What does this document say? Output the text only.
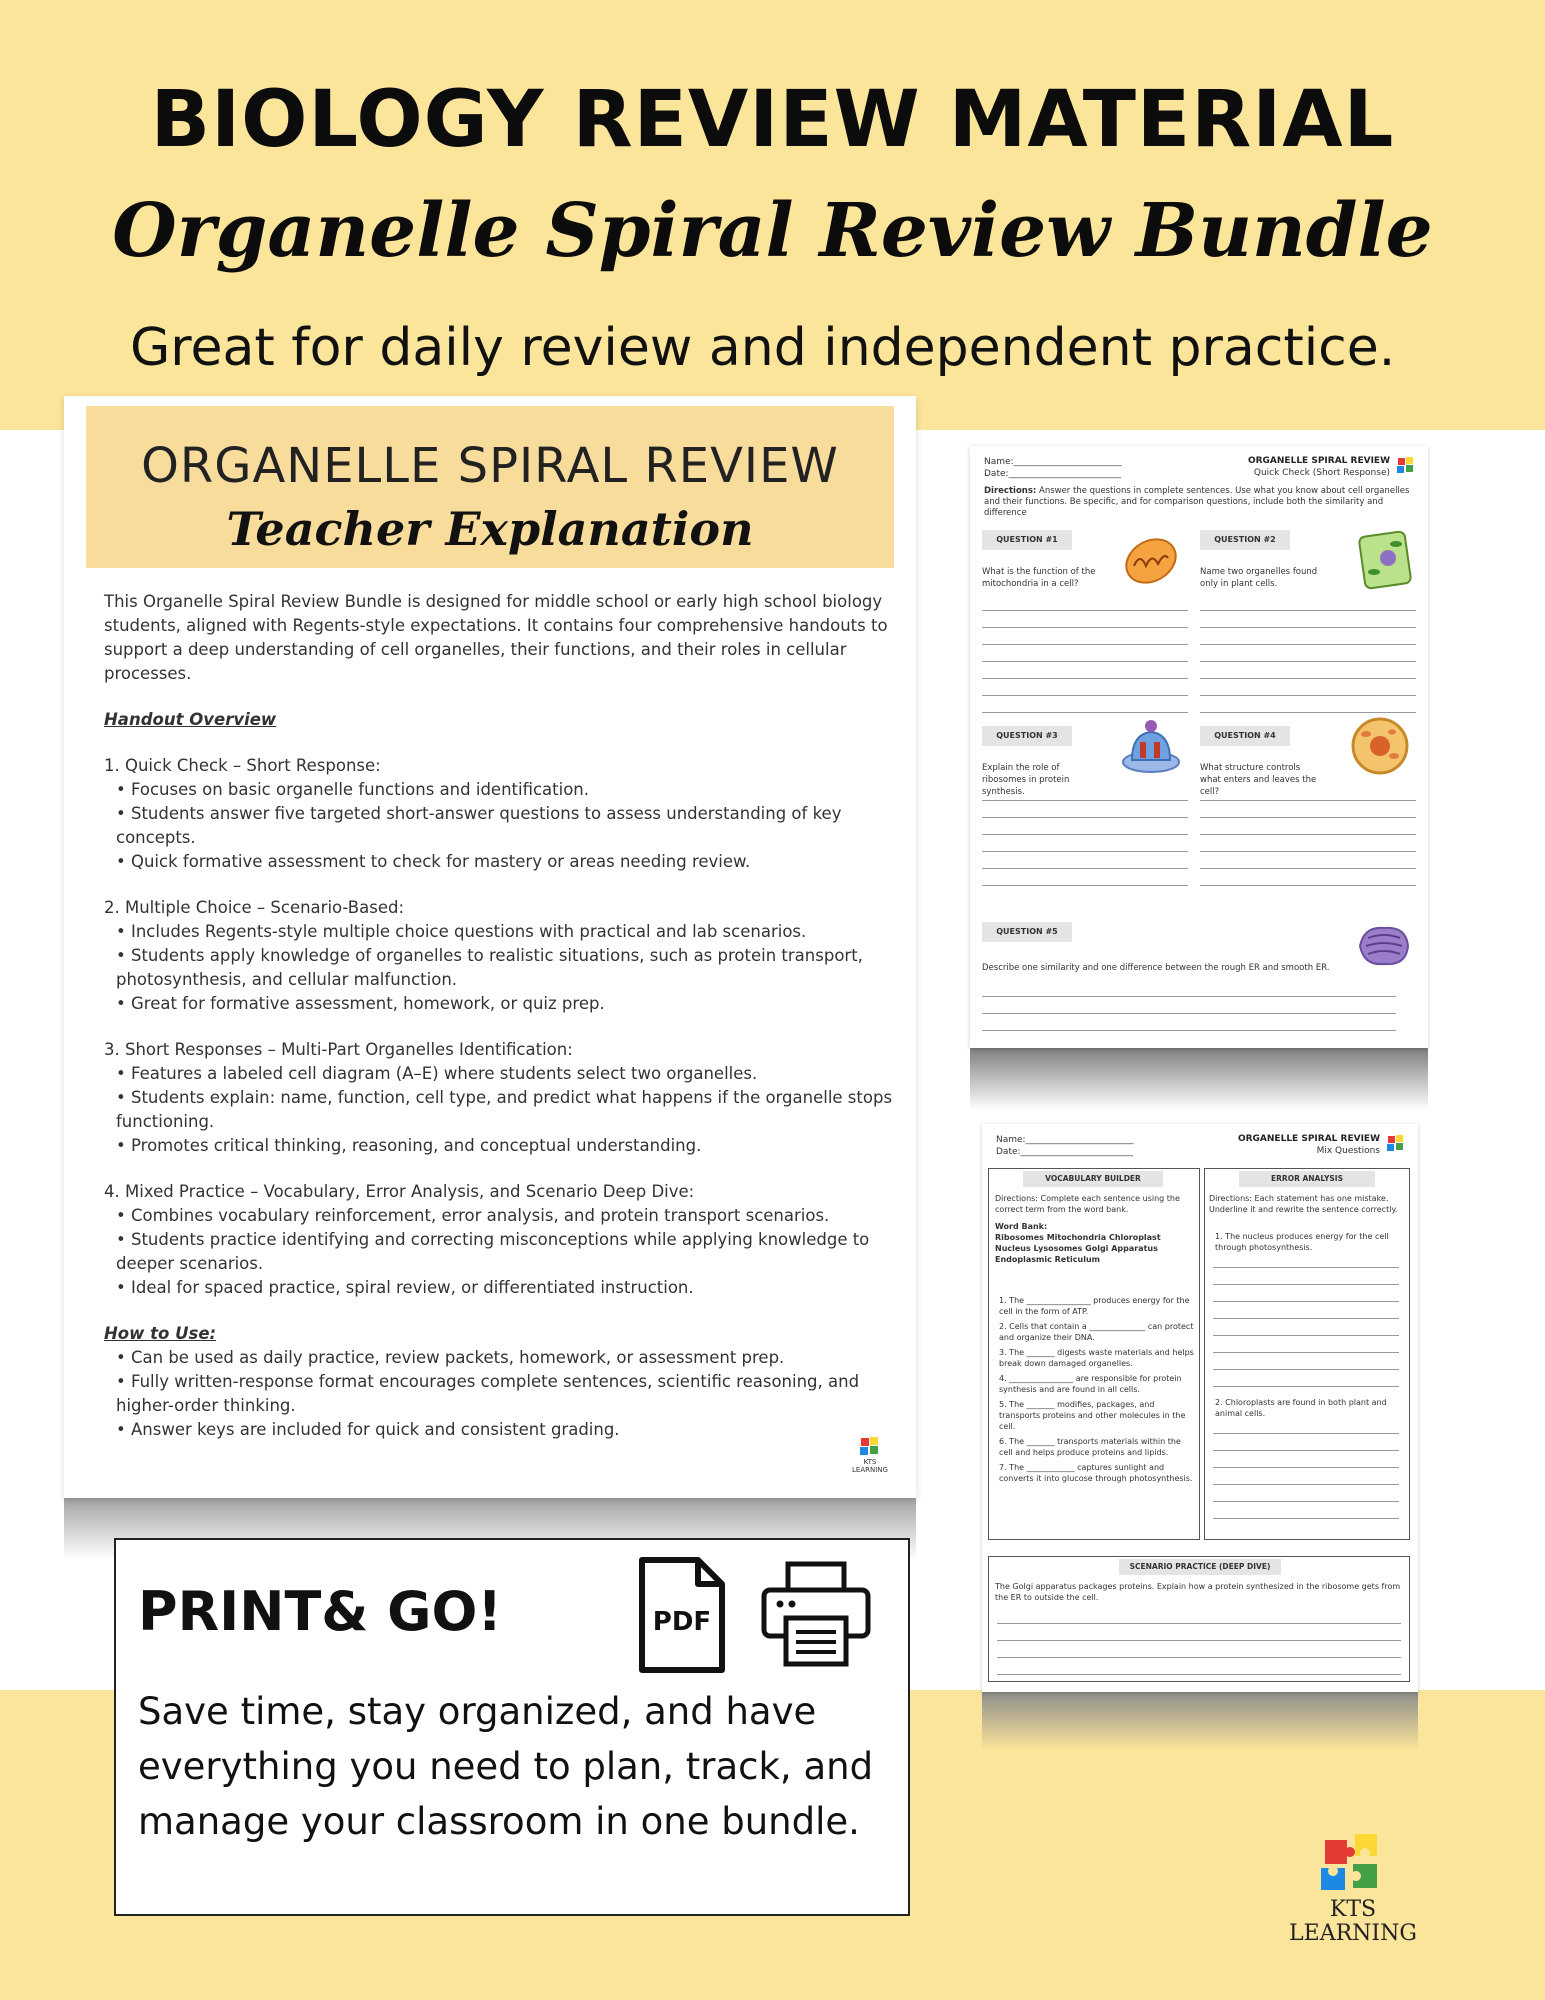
BIOLOGY REVIEW MATERIAL
Organelle Spiral Review Bundle
Great for daily review and independent practice.
ORGANELLE SPIRAL REVIEW
Teacher Explanation

This Organelle Spiral Review Bundle is designed for middle school or early high school biology students, aligned with Regents-style expectations. It contains four comprehensive handouts to support a deep understanding of cell organelles, their functions, and their roles in cellular processes.

Handout Overview

1. Quick Check – Short Response:

• Focuses on basic organelle functions and identification.

• Students answer five targeted short-answer questions to assess understanding of key concepts.

• Quick formative assessment to check for mastery or areas needing review.

2. Multiple Choice – Scenario-Based:

• Includes Regents-style multiple choice questions with practical and lab scenarios.

• Students apply knowledge of organelles to realistic situations, such as protein transport, photosynthesis, and cellular malfunction.

• Great for formative assessment, homework, or quiz prep.

3. Short Responses – Multi-Part Organelles Identification:

• Features a labeled cell diagram (A–E) where students select two organelles.

• Students explain: name, function, cell type, and predict what happens if the organelle stops functioning.

• Promotes critical thinking, reasoning, and conceptual understanding.

4. Mixed Practice – Vocabulary, Error Analysis, and Scenario Deep Dive:

• Combines vocabulary reinforcement, error analysis, and protein transport scenarios.

• Students practice identifying and correcting misconceptions while applying knowledge to deeper scenarios.

• Ideal for spaced practice, spiral review, or differentiated instruction.

How to Use:

• Can be used as daily practice, review packets, homework, or assessment prep.

• Fully written-response format encourages complete sentences, scientific reasoning, and higher-order thinking.

• Answer keys are included for quick and consistent grading.

KTS LEARNING
PRINT& GO!	PDF
Save time, stay organized, and have everything you need to plan, track, and manage your classroom in one bundle.
Name:________________________
Date:_________________________
ORGANELLE SPIRAL REVIEW
Quick Check (Short Response)
Directions: Answer the questions in complete sentences. Use what you know about cell organelles and their functions. Be specific, and for comparison questions, include both the similarity and difference
QUESTION #1
What is the function of the mitochondria in a cell?
QUESTION #2
Name two organelles found only in plant cells.
QUESTION #3
Explain the role of ribosomes in protein synthesis.
QUESTION #4
What structure controls what enters and leaves the cell?
QUESTION #5
Describe one similarity and one difference between the rough ER and smooth ER.
Name:________________________
Date:_________________________
ORGANELLE SPIRAL REVIEW
Mix Questions
VOCABULARY BUILDER
Directions: Complete each sentence using the correct term from the word bank.
Word Bank:
Ribosomes Mitochondria Chloroplast Nucleus Lysosomes Golgi Apparatus Endoplasmic Reticulum
1. The ________________ produces energy for the cell in the form of ATP.
2. Cells that contain a ______________ can protect and organize their DNA.
3. The _______ digests waste materials and helps break down damaged organelles.
4. ________________ are responsible for protein synthesis and are found in all cells.
5. The _______ modifies, packages, and transports proteins and other molecules in the cell.
6. The _______ transports materials within the cell and helps produce proteins and lipids.
7. The ____________ captures sunlight and converts it into glucose through photosynthesis.
ERROR ANALYSIS
Directions: Each statement has one mistake. Underline it and rewrite the sentence correctly.
1. The nucleus produces energy for the cell through photosynthesis.
2. Chloroplasts are found in both plant and animal cells.
SCENARIO PRACTICE (DEEP DIVE)
The Golgi apparatus packages proteins. Explain how a protein synthesized in the ribosome gets from the ER to outside the cell.
KTS
LEARNING
